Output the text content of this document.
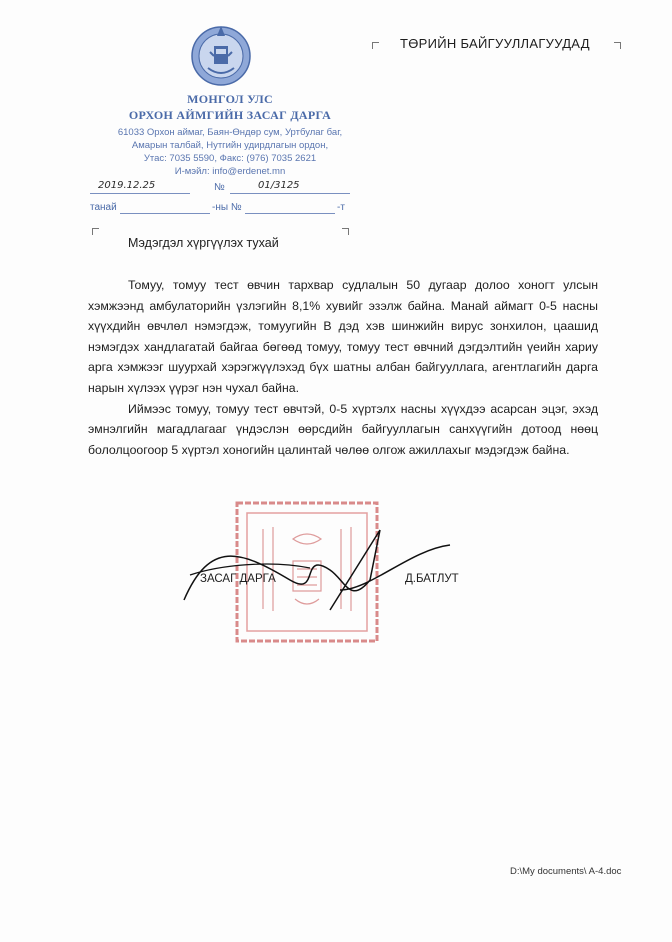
МОНГОЛ УЛС
ОРХОН АЙМГИЙН ЗАСАГ ДАРГА
61033 Орхон аймаг, Баян-Өндөр сум, Уртбулаг баг,
Амарын талбай, Нутгийн удирдлагын ордон,
Утас: 7035 5590, Факс: (976) 7035 2621
И-мэйл: info@erdenet.mn
2019.12.25	№	01/3125
танай	-ны №	-т
ТӨРИЙН БАЙГУУЛЛАГУУДАД
Мэдэгдэл хүргүүлэх тухай

Томуу, томуу тест өвчин тархвар судлалын 50 дугаар долоо хоногт улсын хэмжээнд амбулаторийн үзлэгийн 8,1% хувийг эзэлж байна. Манай аймагт 0-5 насны хүүхдийн өвчлөл нэмэгдэж, томуугийн В дэд хэв шинжийн вирус зонхилон, цаашид нэмэгдэх хандлагатай байгаа бөгөөд томуу, томуу тест өвчний дэгдэлтийн үеийн хариу арга хэмжээг шуурхай хэрэгжүүлэхэд бүх шатны албан байгууллага, агентлагийн дарга нарын хүлээх үүрэг нэн чухал байна.

Иймээс томуу, томуу тест өвчтэй, 0-5 хүртэлх насны хүүхдээ асарсан эцэг, эхэд эмнэлгийн магадлагааг үндэслэн өөрсдийн байгууллагын санхүүгийн дотоод нөөц бололцоогоор 5 хүртэл хоногийн цалинтай чөлөө олгож ажиллахыг мэдэгдэж байна.

ЗАСАГ ДАРГА	Д.БАТЛУТ
D:\My documents\ A-4.doc
